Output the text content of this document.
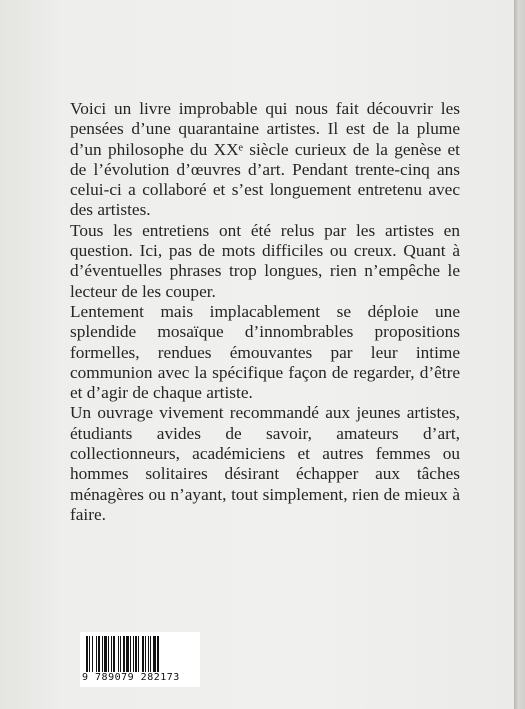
Voici un livre improbable qui nous fait découvrir les pensées d’une quarantaine artistes. Il est de la plume d’un philosophe du XXᵉ siècle curieux de la genèse et de l’évolution d’œuvres d’art. Pendant trente-cinq ans celui-ci a collaboré et s’est longuement entretenu avec des artistes.

Tous les entretiens ont été relus par les artistes en question. Ici, pas de mots difficiles ou creux. Quant à d’éventuelles phrases trop longues, rien n’empêche le lecteur de les couper.

Lentement mais implacablement se déploie une splendide mosaïque d’innombrables propositions formelles, rendues émouvantes par leur intime communion avec la spécifique façon de regarder, d’être et d’agir de chaque artiste.

Un ouvrage vivement recommandé aux jeunes artistes, étudiants avides de savoir, amateurs d’art, collectionneurs, académiciens et autres femmes ou hommes solitaires désirant échapper aux tâches ménagères ou n’ayant, tout simplement, rien de mieux à faire.

9 789079 282173
